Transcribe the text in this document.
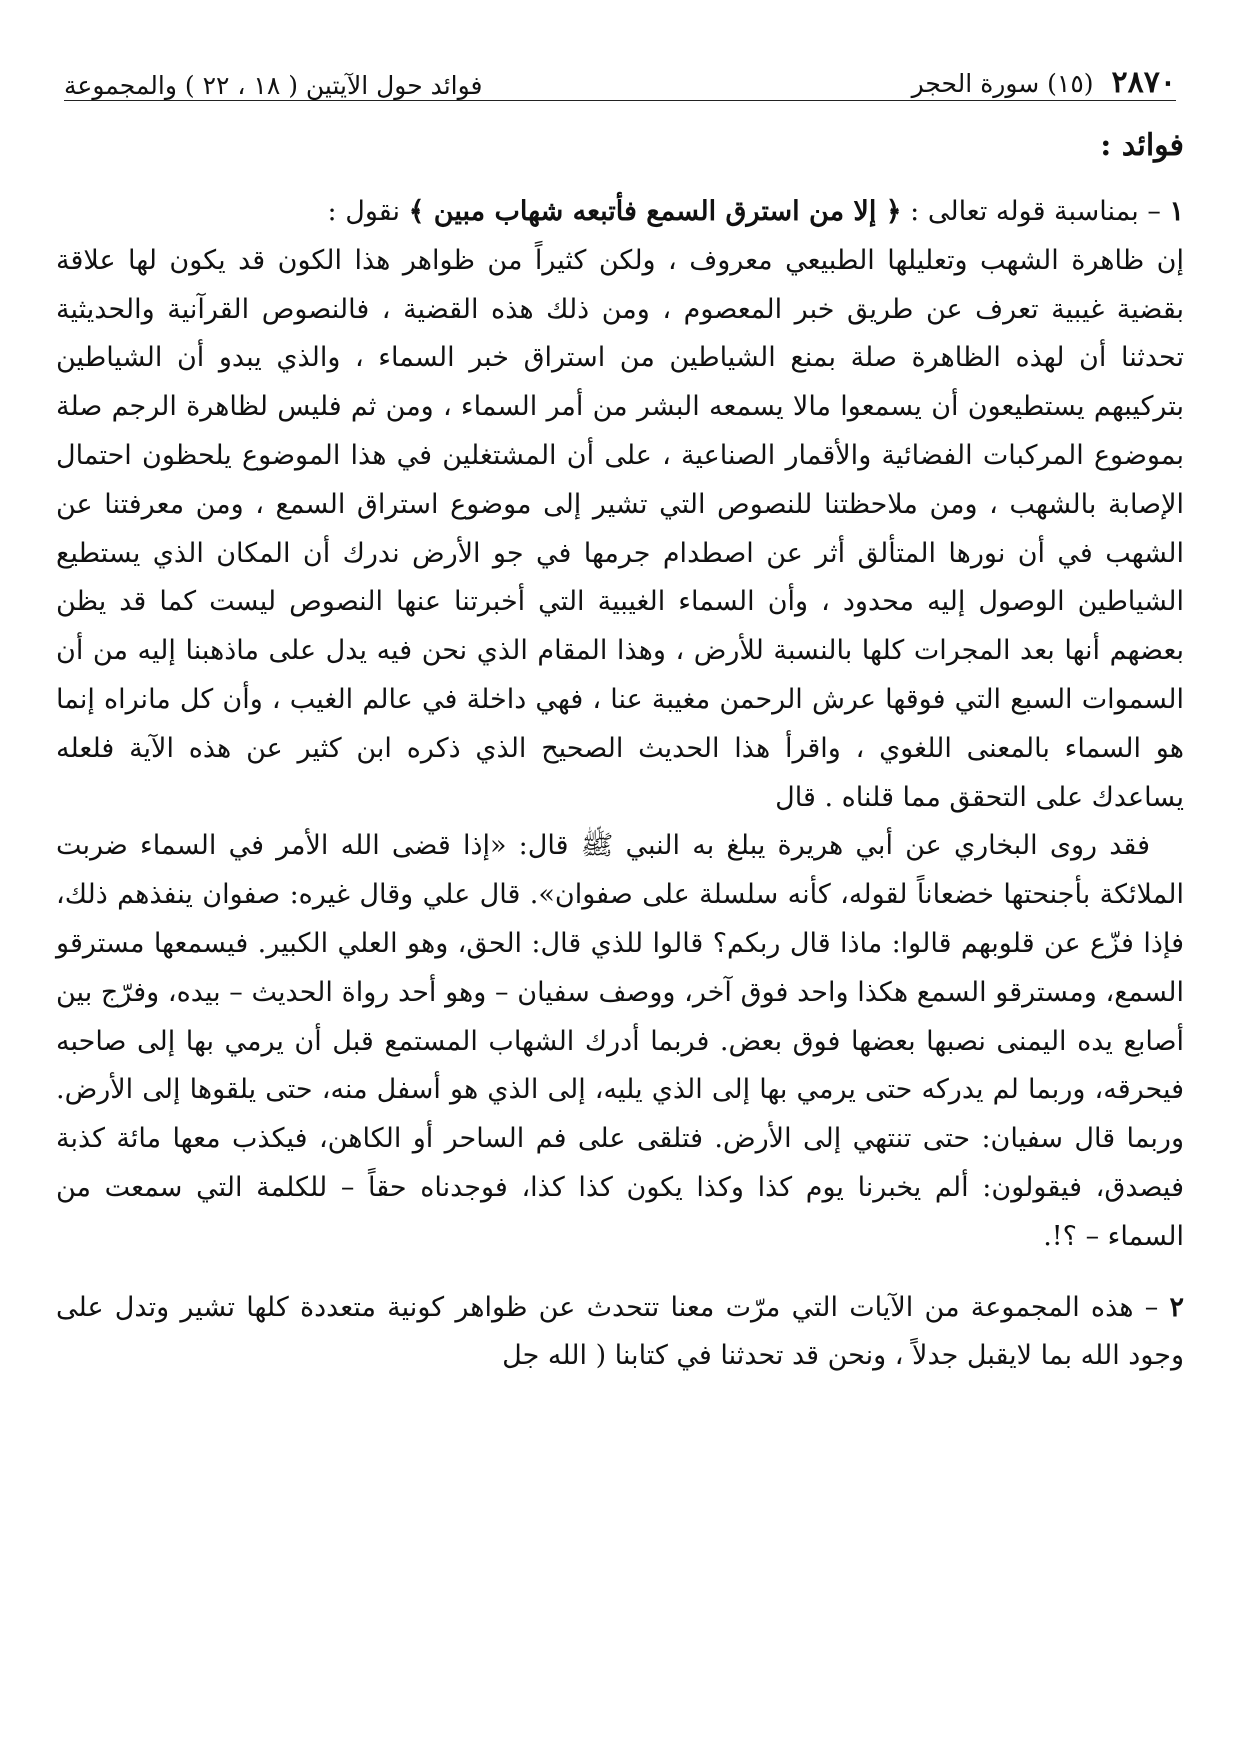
٢٨٧٠
(١٥) سورة الحجر
فوائد حول الآيتين ( ١٨ ، ٢٢ ) والمجموعة
فوائد :

١ – بمناسبة قوله تعالى : ﴿ إلا من استرق السمع فأتبعه شهاب مبين ﴾ نقول :
إن ظاهرة الشهب وتعليلها الطبيعي معروف ، ولكن كثيراً من ظواهر هذا الكون قد يكون لها علاقة بقضية غيبية تعرف عن طريق خبر المعصوم ، ومن ذلك هذه القضية ، فالنصوص القرآنية والحديثية تحدثنا أن لهذه الظاهرة صلة بمنع الشياطين من استراق خبر السماء ، والذي يبدو أن الشياطين بتركيبهم يستطيعون أن يسمعوا مالا يسمعه البشر من أمر السماء ، ومن ثم فليس لظاهرة الرجم صلة بموضوع المركبات الفضائية والأقمار الصناعية ، على أن المشتغلين في هذا الموضوع يلحظون احتمال الإصابة بالشهب ، ومن ملاحظتنا للنصوص التي تشير إلى موضوع استراق السمع ، ومن معرفتنا عن الشهب في أن نورها المتألق أثر عن اصطدام جرمها في جو الأرض ندرك أن المكان الذي يستطيع الشياطين الوصول إليه محدود ، وأن السماء الغيبية التي أخبرتنا عنها النصوص ليست كما قد يظن بعضهم أنها بعد المجرات كلها بالنسبة للأرض ، وهذا المقام الذي نحن فيه يدل على ماذهبنا إليه من أن السموات السبع التي فوقها عرش الرحمن مغيبة عنا ، فهي داخلة في عالم الغيب ، وأن كل مانراه إنما هو السماء بالمعنى اللغوي ، واقرأ هذا الحديث الصحيح الذي ذكره ابن كثير عن هذه الآية فلعله يساعدك على التحقق مما قلناه . قال

فقد روى البخاري عن أبي هريرة يبلغ به النبي ﷺ قال: «إذا قضى الله الأمر في السماء ضربت الملائكة بأجنحتها خضعاناً لقوله، كأنه سلسلة على صفوان». قال علي وقال غيره: صفوان ينفذهم ذلك، فإذا فزّع عن قلوبهم قالوا: ماذا قال ربكم؟ قالوا للذي قال: الحق، وهو العلي الكبير. فيسمعها مسترقو السمع، ومسترقو السمع هكذا واحد فوق آخر، ووصف سفيان – وهو أحد رواة الحديث – بيده، وفرّج بين أصابع يده اليمنى نصبها بعضها فوق بعض. فربما أدرك الشهاب المستمع قبل أن يرمي بها إلى صاحبه فيحرقه، وربما لم يدركه حتى يرمي بها إلى الذي يليه، إلى الذي هو أسفل منه، حتى يلقوها إلى الأرض. وربما قال سفيان: حتى تنتهي إلى الأرض. فتلقى على فم الساحر أو الكاهن، فيكذب معها مائة كذبة فيصدق، فيقولون: ألم يخبرنا يوم كذا وكذا يكون كذا كذا، فوجدناه حقاً – للكلمة التي سمعت من السماء – ؟!.

٢ – هذه المجموعة من الآيات التي مرّت معنا تتحدث عن ظواهر كونية متعددة كلها تشير وتدل على وجود الله بما لايقبل جدلاً ، ونحن قد تحدثنا في كتابنا ( الله جل
